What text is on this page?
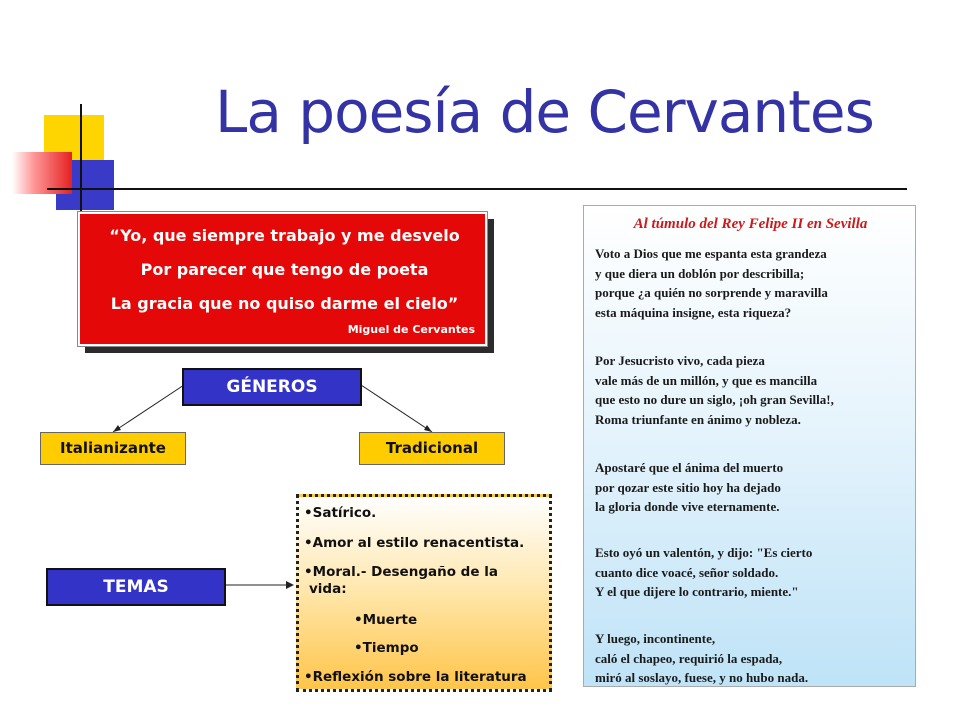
La poesía de Cervantes
“Yo, que siempre trabajo y me desvelo
Por parecer que tengo de poeta
La gracia que no quiso darme el cielo”
Miguel de Cervantes
GÉNEROS
Italianizante	Tradicional
TEMAS
•Satírico.
•Amor al estilo renacentista.
•Moral.- Desengaño de la
vida:
•Muerte
•Tiempo
•Reflexión sobre la literatura
Al túmulo del Rey Felipe II en Sevilla
Voto a Dios que me espanta esta grandeza
y que diera un doblón por describilla;
porque ¿a quién no sorprende y maravilla
esta máquina insigne, esta riqueza?
Por Jesucristo vivo, cada pieza
vale más de un millón, y que es mancilla
que esto no dure un siglo, ¡oh gran Sevilla!,
Roma triunfante en ánimo y nobleza.
Apostaré que el ánima del muerto
por qozar este sitio hoy ha dejado
la gloria donde vive eternamente.
Esto oyó un valentón, y dijo: "Es cierto
cuanto dice voacé, señor soldado.
Y el que dijere lo contrario, miente."
Y luego, incontinente,
caló el chapeo, requirió la espada,
miró al soslayo, fuese, y no hubo nada.
